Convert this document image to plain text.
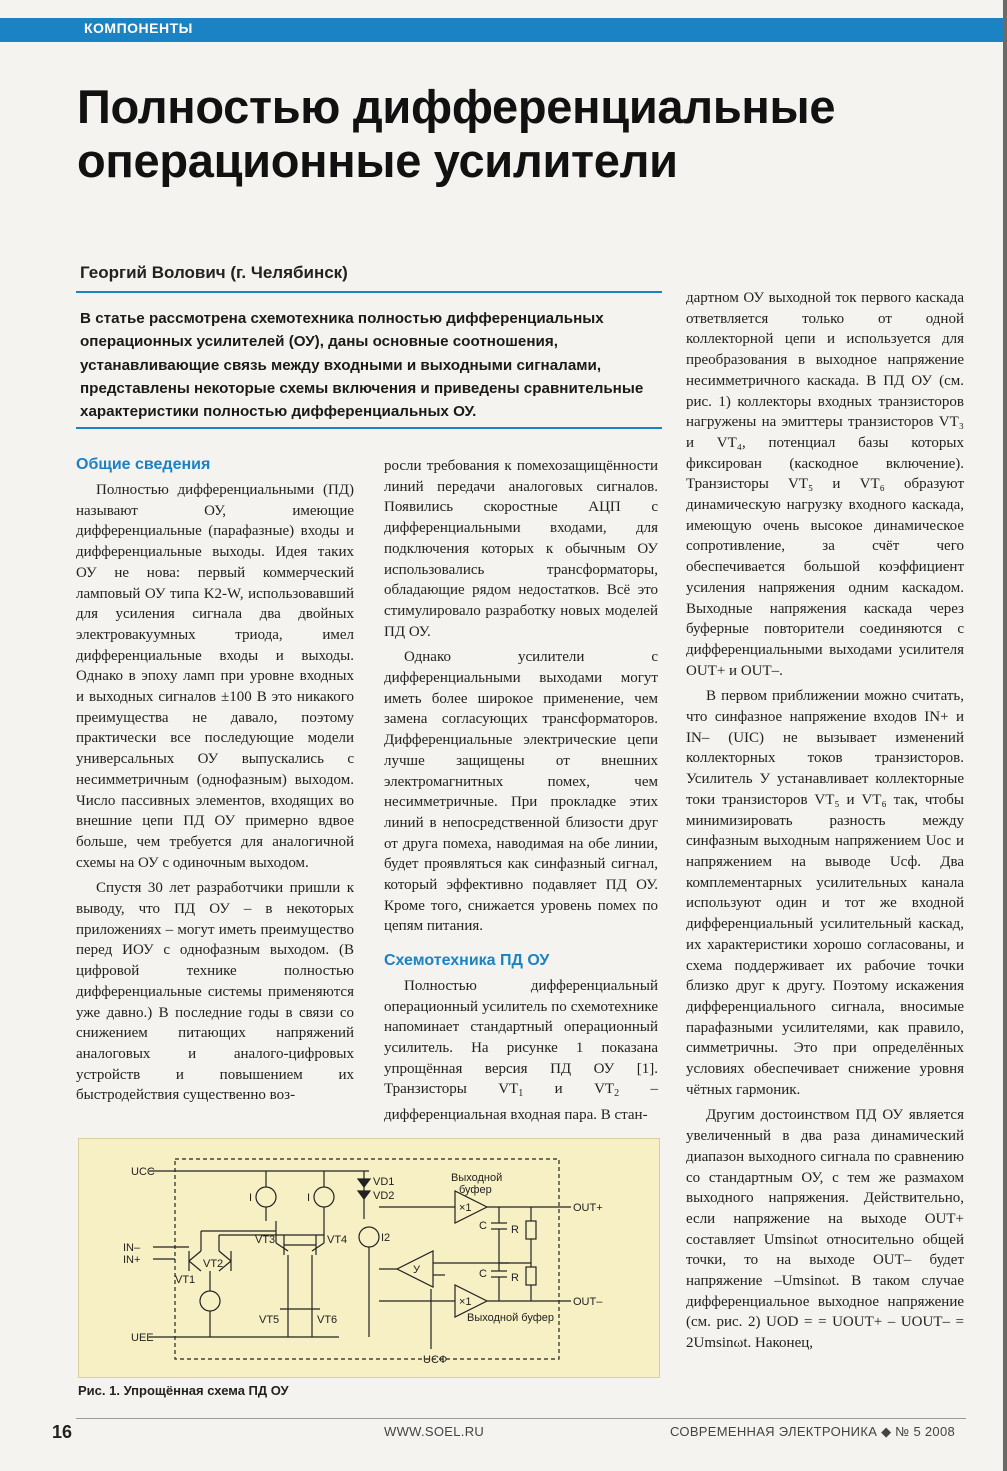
КОМПОНЕНТЫ
Полностью дифференциальные
операционные усилители
Георгий Волович (г. Челябинск)
В статье рассмотрена схемотехника полностью дифференциальных операционных усилителей (ОУ), даны основные соотношения, устанавливающие связь между входными и выходными сигналами, представлены некоторые схемы включения и приведены сравнительные характеристики полностью дифференциальных ОУ.
Общие сведения

Полностью дифференциальными (ПД) называют ОУ, имеющие дифференциальные (парафазные) входы и дифференциальные выходы. Идея таких ОУ не нова: первый коммерческий ламповый ОУ типа K2-W, использовавший для усиления сигнала два двойных электровакуумных триода, имел дифференциальные входы и выходы. Однако в эпоху ламп при уровне входных и выходных сигналов ±100 В это никакого преимущества не давало, поэтому практически все последующие модели универсальных ОУ выпускались с несимметричным (однофазным) выходом. Число пассивных элементов, входящих во внешние цепи ПД ОУ примерно вдвое больше, чем требуется для аналогичной схемы на ОУ с одиночным выходом.

Спустя 30 лет разработчики пришли к выводу, что ПД ОУ – в некоторых приложениях – могут иметь преимущество перед ИОУ с однофазным выходом. (В цифровой технике полностью дифференциальные системы применяются уже давно.) В последние годы в связи со снижением питающих напряжений аналоговых и аналого-цифровых устройств и повышением их быстродействия существенно воз-

росли требования к помехозащищённости линий передачи аналоговых сигналов. Появились скоростные АЦП с дифференциальными входами, для подключения которых к обычным ОУ использовались трансформаторы, обладающие рядом недостатков. Всё это стимулировало разработку новых моделей ПД ОУ.

Однако усилители с дифференциальными выходами могут иметь более широкое применение, чем замена согласующих трансформаторов. Дифференциальные электрические цепи лучше защищены от внешних электромагнитных помех, чем несимметричные. При прокладке этих линий в непосредственной близости друг от друга помеха, наводимая на обе линии, будет проявляться как синфазный сигнал, который эффективно подавляет ПД ОУ. Кроме того, снижается уровень помех по цепям питания.

Схемотехника ПД ОУ

Полностью дифференциальный операционный усилитель по схемотехнике напоминает стандартный операционный усилитель. На рисунке 1 показана упрощённая версия ПД ОУ [1]. Транзисторы $VT_1$ и $VT_2$ – дифференциальная входная пара. В стан-

дартном ОУ выходной ток первого каскада ответвляется только от одной коллекторной цепи и используется для преобразования в выходное напряжение несимметричного каскада. В ПД ОУ (см. рис. 1) коллекторы входных транзисторов нагружены на эмиттеры транзисторов VT₃ и VT₄, потенциал базы которых фиксирован (каскодное включение). Транзисторы VT₅ и VT₆ образуют динамическую нагрузку входного каскада, имеющую очень высокое динамическое сопротивление, за счёт чего обеспечивается большой коэффициент усиления напряжения одним каскадом. Выходные напряжения каскада через буферные повторители соединяются с дифференциальными выходами усилителя OUT+ и OUT–.

В первом приближении можно считать, что синфазное напряжение входов IN+ и IN– (UIC) не вызывает изменений коллекторных токов транзисторов. Усилитель У устанавливает коллекторные токи транзисторов VT₅ и VT₆ так, чтобы минимизировать разность между синфазным выходным напряжением Uос и напряжением на выводе Uсф. Два комплементарных усилительных канала используют один и тот же входной дифференциальный усилительный каскад, их характеристики хорошо согласованы, и схема поддерживает их рабочие точки близко друг к другу. Поэтому искажения дифференциального сигнала, вносимые парафазными усилителями, как правило, симметричны. Это при определённых условиях обеспечивает снижение уровня чётных гармоник.

Другим достоинством ПД ОУ является увеличенный в два раза динамический диапазон выходного сигнала по сравнению со стандартным ОУ, с тем же размахом выходного напряжения. Действительно, если напряжение на выходе OUT+ составляет Umsinωt относительно общей точки, то на выходе OUT– будет напряжение –Umsinωt. В таком случае дифференциальное выходное напряжение (см. рис. 2) UOD = = UOUT+ – UOUT– = 2Umsinωt. Наконец,

UCC
UEE
IN–
IN+
OUT+
OUT–
UСФ
Выходной
буфер
Выходной буфер
×1
×1
У
C
C
R
R
VD1
VD2
I	I
I2
VT1
VT2
VT3	VT4
VT5	VT6
Рис. 1. Упрощённая схема ПД ОУ
16	WWW.SOEL.RU	СОВРЕМЕННАЯ ЭЛЕКТРОНИКА ◆ № 5 2008
